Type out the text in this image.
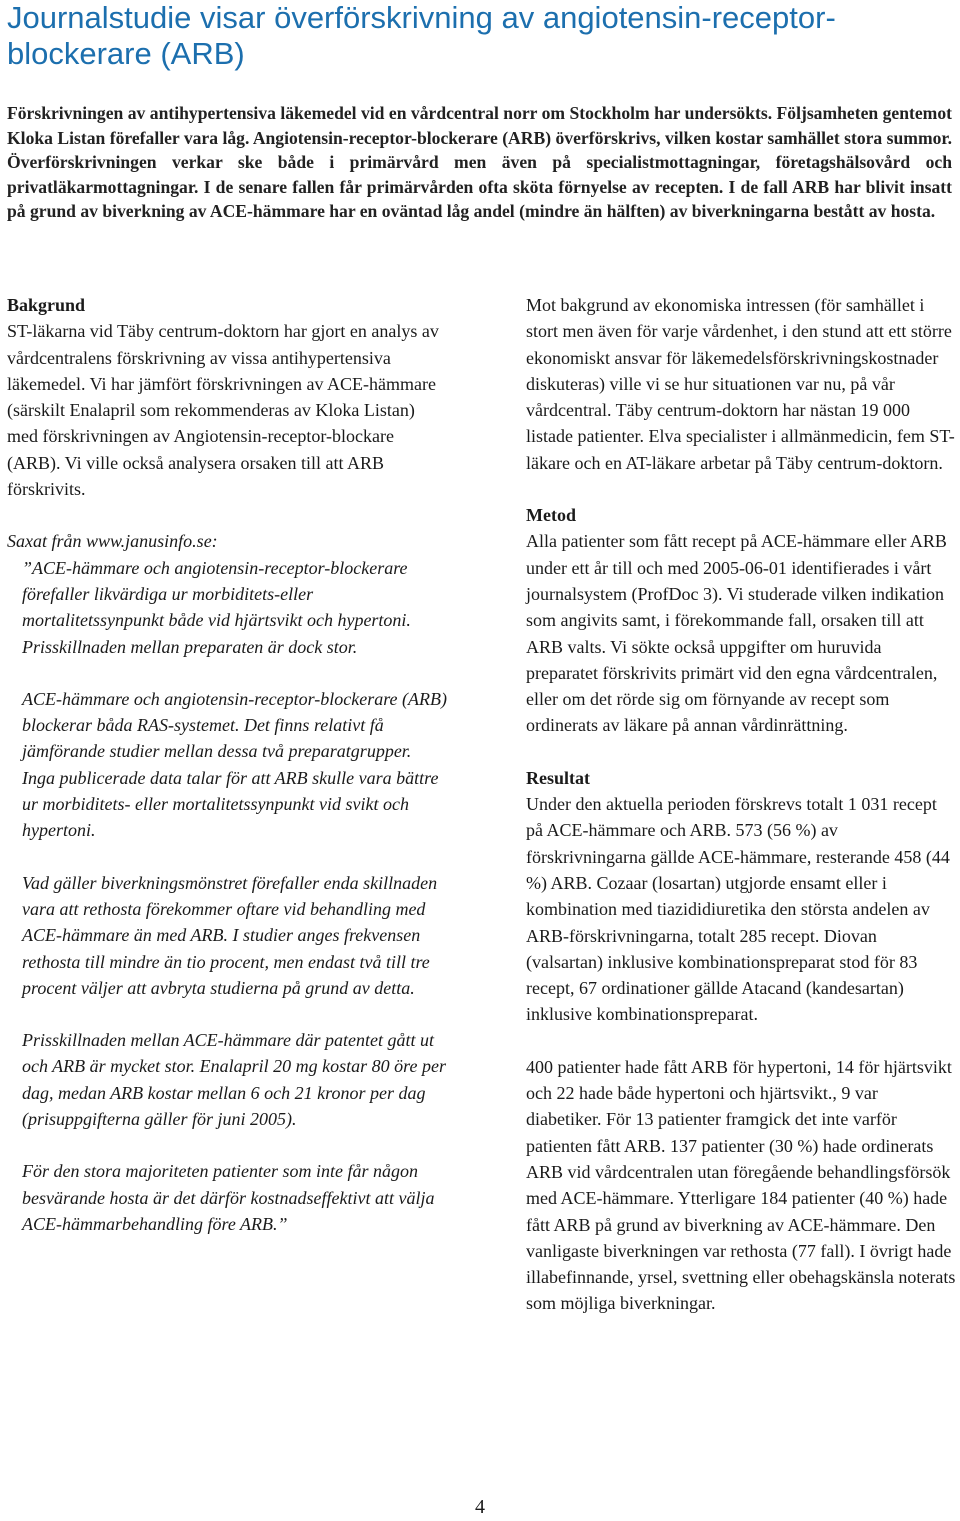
Journalstudie visar överförskrivning av angiotensin-receptor-blockerare (ARB)

Förskrivningen av antihypertensiva läkemedel vid en vårdcentral norr om Stockholm har undersökts. Följsamheten gentemot Kloka Listan förefaller vara låg. Angiotensin-receptor-blockerare (ARB) överförskrivs, vilken kostar samhället stora summor. Överförskrivningen verkar ske både i primärvård men även på specialistmottagningar, företagshälsovård och privatläkarmottagningar. I de senare fallen får primärvården ofta sköta förnyelse av recepten. I de fall ARB har blivit insatt på grund av biverkning av ACE-hämmare har en oväntad låg andel (mindre än hälften) av biverkningarna bestått av hosta.

Bakgrund

ST-läkarna vid Täby centrum-doktorn har gjort en analys av vårdcentralens förskrivning av vissa antihypertensiva läkemedel. Vi har jämfört förskrivningen av ACE-hämmare (särskilt Enalapril som rekommenderas av Kloka Listan) med förskrivningen av Angiotensin-receptor-blockare (ARB). Vi ville också analysera orsaken till att ARB förskrivits.

Saxat från www.janusinfo.se:

”ACE-hämmare och angiotensin-receptor-blockerare förefaller likvärdiga ur morbiditets-eller mortalitetssynpunkt både vid hjärtsvikt och hypertoni. Prisskillnaden mellan preparaten är dock stor.

ACE-hämmare och angiotensin-receptor-blockerare (ARB) blockerar båda RAS-systemet. Det finns relativt få jämförande studier mellan dessa två preparatgrupper. Inga publicerade data talar för att ARB skulle vara bättre ur morbiditets- eller mortalitetssynpunkt vid svikt och hypertoni.

Vad gäller biverkningsmönstret förefaller enda skillnaden vara att rethosta förekommer oftare vid behandling med ACE-hämmare än med ARB. I studier anges frekvensen rethosta till mindre än tio procent, men endast två till tre procent väljer att avbryta studierna på grund av detta.

Prisskillnaden mellan ACE-hämmare där patentet gått ut och ARB är mycket stor. Enalapril 20 mg kostar 80 öre per dag, medan ARB kostar mellan 6 och 21 kronor per dag (prisuppgifterna gäller för juni 2005).

För den stora majoriteten patienter som inte får någon besvärande hosta är det därför kostnadseffektivt att välja ACE-hämmarbehandling före ARB.”

Mot bakgrund av ekonomiska intressen (för samhället i stort men även för varje vårdenhet, i den stund att ett större ekonomiskt ansvar för läkemedelsförskrivningskostnader diskuteras) ville vi se hur situationen var nu, på vår vårdcentral. Täby centrum-doktorn har nästan 19 000 listade patienter. Elva specialister i allmänmedicin, fem ST-läkare och en AT-läkare arbetar på Täby centrum-doktorn.

Metod

Alla patienter som fått recept på ACE-hämmare eller ARB under ett år till och med 2005-06-01 identifierades i vårt journalsystem (ProfDoc 3). Vi studerade vilken indikation som angivits samt, i förekommande fall, orsaken till att ARB valts. Vi sökte också uppgifter om huruvida preparatet förskrivits primärt vid den egna vårdcentralen, eller om det rörde sig om förnyande av recept som ordinerats av läkare på annan vårdinrättning.

Resultat

Under den aktuella perioden förskrevs totalt 1 031 recept på ACE-hämmare och ARB. 573 (56 %) av förskrivningarna gällde ACE-hämmare, resterande 458 (44 %) ARB. Cozaar (losartan) utgjorde ensamt eller i kombination med tiazididiuretika den största andelen av ARB-förskrivningarna, totalt 285 recept. Diovan (valsartan) inklusive kombinationspreparat stod för 83 recept, 67 ordinationer gällde Atacand (kandesartan) inklusive kombinationspreparat.

400 patienter hade fått ARB för hypertoni, 14 för hjärtsvikt och 22 hade både hypertoni och hjärtsvikt., 9 var diabetiker. För 13 patienter framgick det inte varför patienten fått ARB. 137 patienter (30 %) hade ordinerats ARB vid vårdcentralen utan föregående behandlingsförsök med ACE-hämmare. Ytterligare 184 patienter (40 %) hade fått ARB på grund av biverkning av ACE-hämmare. Den vanligaste biverkningen var rethosta (77 fall). I övrigt hade illabefinnande, yrsel, svettning eller obehagskänsla noterats som möjliga biverkningar.

4
